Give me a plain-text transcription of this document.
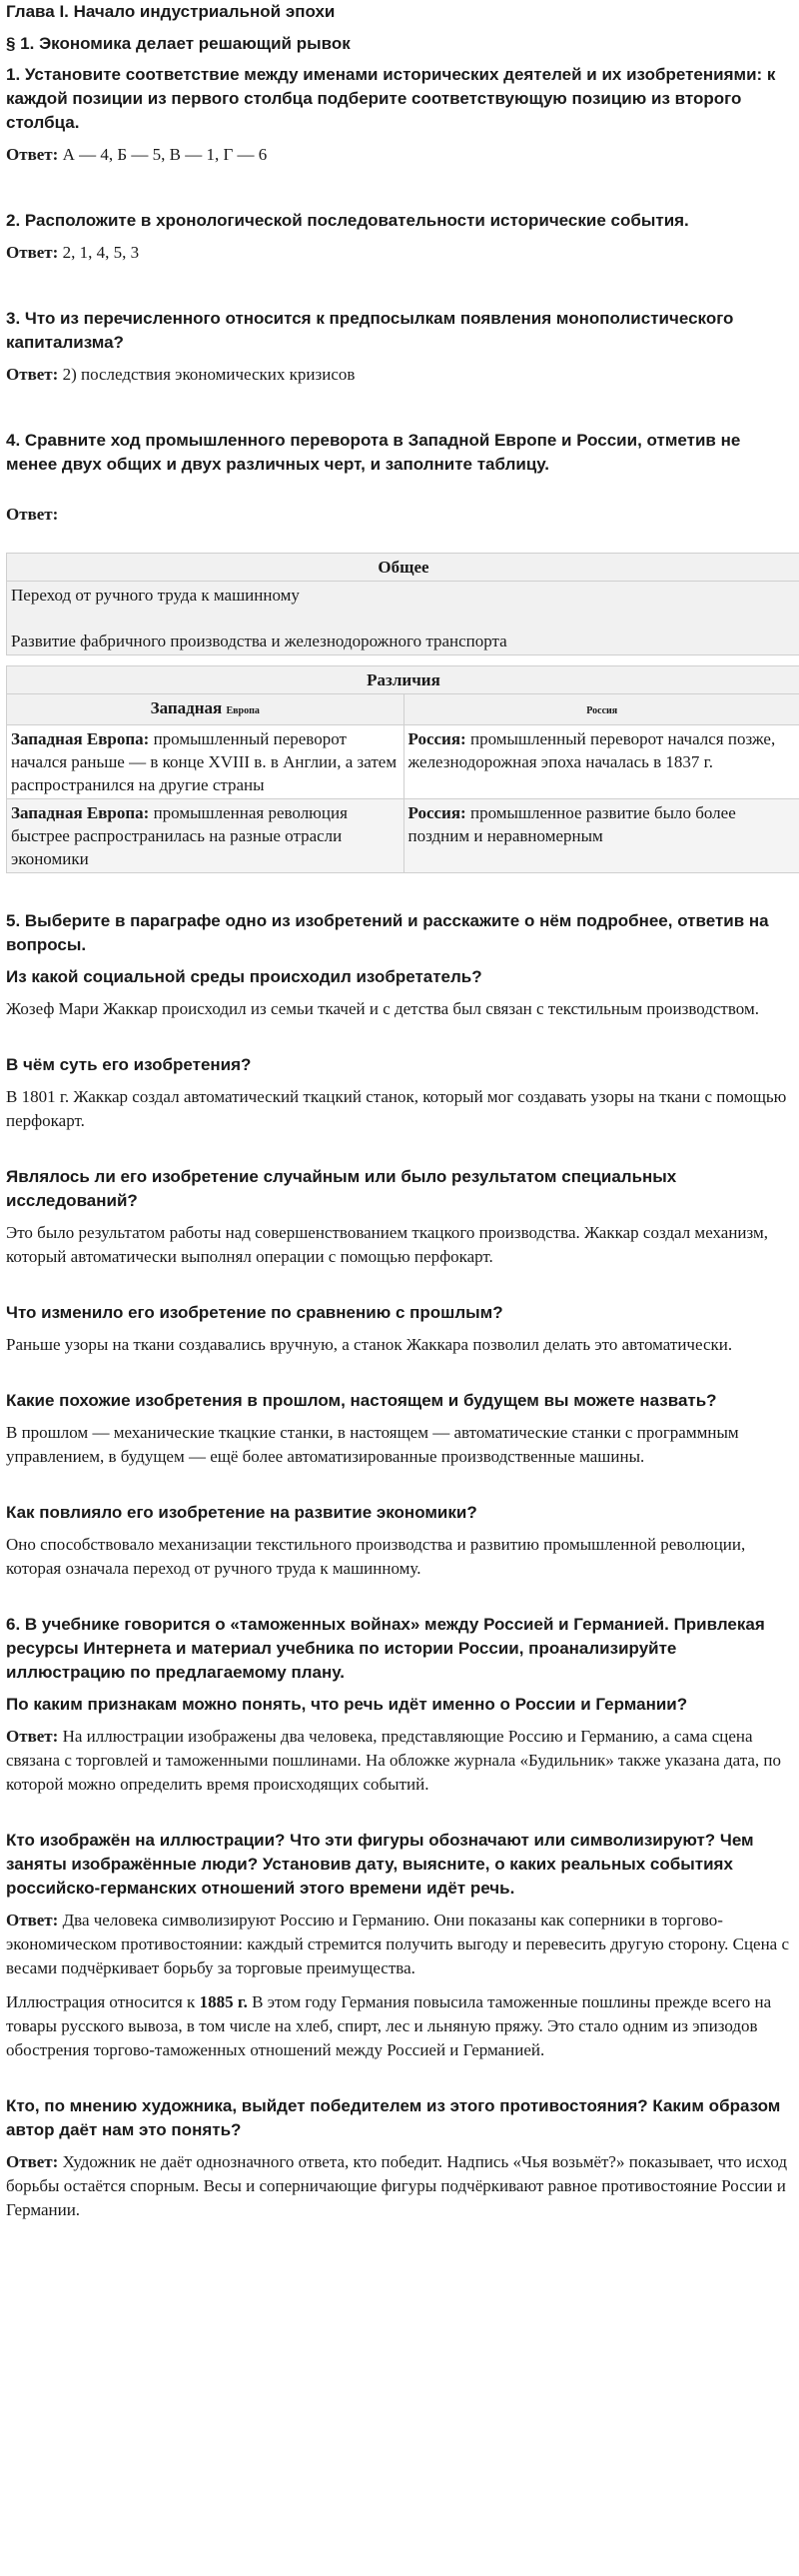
Глава I. Начало индустриальной эпохи
§ 1. Экономика делает решающий рывок
1. Установите соответствие между именами исторических деятелей и их изобретениями: к каждой позиции из первого столбца подберите соответствующую позицию из второго столбца.

Ответ: А — 4, Б — 5, В — 1, Г — 6

2. Расположите в хронологической последовательности исторические события.

Ответ: 2, 1, 4, 5, 3

3. Что из перечисленного относится к предпосылкам появления монополистического капитализма?

Ответ: 2) последствия экономических кризисов

4. Сравните ход промышленного переворота в Западной Европе и России, отметив не менее двух общих и двух различных черт, и заполните таблицу.

Ответ:

Общее

Переход от ручного труда к машинному
Развитие фабричного производства и железнодорожного транспорта
Различия	
Западная Европа	Россия
Западная Европа: промышленный переворот начался раньше — в конце XVIII в. в Англии, а затем распространился на другие страны	Россия: промышленный переворот начался позже, железнодорожная эпоха началась в 1837 г.
Западная Европа: промышленная революция быстрее распространилась на разные отрасли экономики	Россия: промышленное развитие было более поздним и неравномерным
5. Выберите в параграфе одно из изобретений и расскажите о нём подробнее, ответив на вопросы.
Из какой социальной среды происходил изобретатель?

Жозеф Мари Жаккар происходил из семьи ткачей и с детства был связан с текстильным производством.

В чём суть его изобретения?

В 1801 г. Жаккар создал автоматический ткацкий станок, который мог создавать узоры на ткани с помощью перфокарт.

Являлось ли его изобретение случайным или было результатом специальных исследований?

Это было результатом работы над совершенствованием ткацкого производства. Жаккар создал механизм, который автоматически выполнял операции с помощью перфокарт.

Что изменило его изобретение по сравнению с прошлым?

Раньше узоры на ткани создавались вручную, а станок Жаккара позволил делать это автоматически.

Какие похожие изобретения в прошлом, настоящем и будущем вы можете назвать?

В прошлом — механические ткацкие станки, в настоящем — автоматические станки с программным управлением, в будущем — ещё более автоматизированные производственные машины.

Как повлияло его изобретение на развитие экономики?

Оно способствовало механизации текстильного производства и развитию промышленной революции, которая означала переход от ручного труда к машинному.

6. В учебнике говорится о «таможенных войнах» между Россией и Германией. Привлекая ресурсы Интернета и материал учебника по истории России, проанализируйте иллюстрацию по предлагаемому плану.
По каким признакам можно понять, что речь идёт именно о России и Германии?

Ответ: На иллюстрации изображены два человека, представляющие Россию и Германию, а сама сцена связана с торговлей и таможенными пошлинами. На обложке журнала «Будильник» также указана дата, по которой можно определить время происходящих событий.

Кто изображён на иллюстрации? Что эти фигуры обозначают или символизируют? Чем заняты изображённые люди? Установив дату, выясните, о каких реальных событиях российско-германских отношений этого времени идёт речь.

Ответ: Два человека символизируют Россию и Германию. Они показаны как соперники в торгово-экономическом противостоянии: каждый стремится получить выгоду и перевесить другую сторону. Сцена с весами подчёркивает борьбу за торговые преимущества.

Иллюстрация относится к 1885 г. В этом году Германия повысила таможенные пошлины прежде всего на товары русского вывоза, в том числе на хлеб, спирт, лес и льняную пряжу. Это стало одним из эпизодов обострения торгово-таможенных отношений между Россией и Германией.

Кто, по мнению художника, выйдет победителем из этого противостояния? Каким образом автор даёт нам это понять?

Ответ: Художник не даёт однозначного ответа, кто победит. Надпись «Чья возьмёт?» показывает, что исход борьбы остаётся спорным. Весы и соперничающие фигуры подчёркивают равное противостояние России и Германии.
